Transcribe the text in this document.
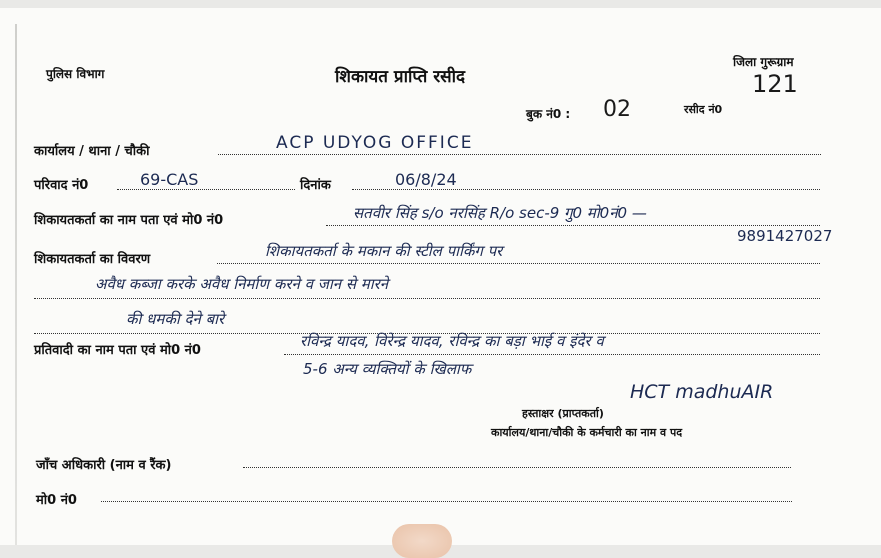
पुलिस विभाग	शिकायत प्राप्ति रसीद
जिला गुरूग्राम
121
बुक नं0 : 02	रसीद नं0
कार्यालय / थाना / चौकी	ACP UDYOG OFFICE
परिवाद नं0	69-CAS	दिनांक	06/8/24
शिकायतकर्ता का नाम पता एवं मो0 नं0	सतवीर सिंह s/o नरसिंह R/o sec-9 गु0 मो0नं0 —
9891427027
शिकायतकर्ता का विवरण	शिकायतकर्ता के मकान की स्टील पार्किंग पर
अवैध कब्जा करके अवैध निर्माण करने व जान से मारने
की धमकी देने बारे
प्रतिवादी का नाम पता एवं मो0 नं0
रविन्द्र यादव, विरेन्द्र यादव, रविन्द्र का बड़ा भाई व इंदेर व
5-6 अन्य व्यक्तियों के खिलाफ
HCT madhuAIR
हस्ताक्षर (प्राप्तकर्ता)
कार्यालय/थाना/चौकी के कर्मचारी का नाम व पद
जाँच अधिकारी (नाम व रैंक)
मो0 नं0
